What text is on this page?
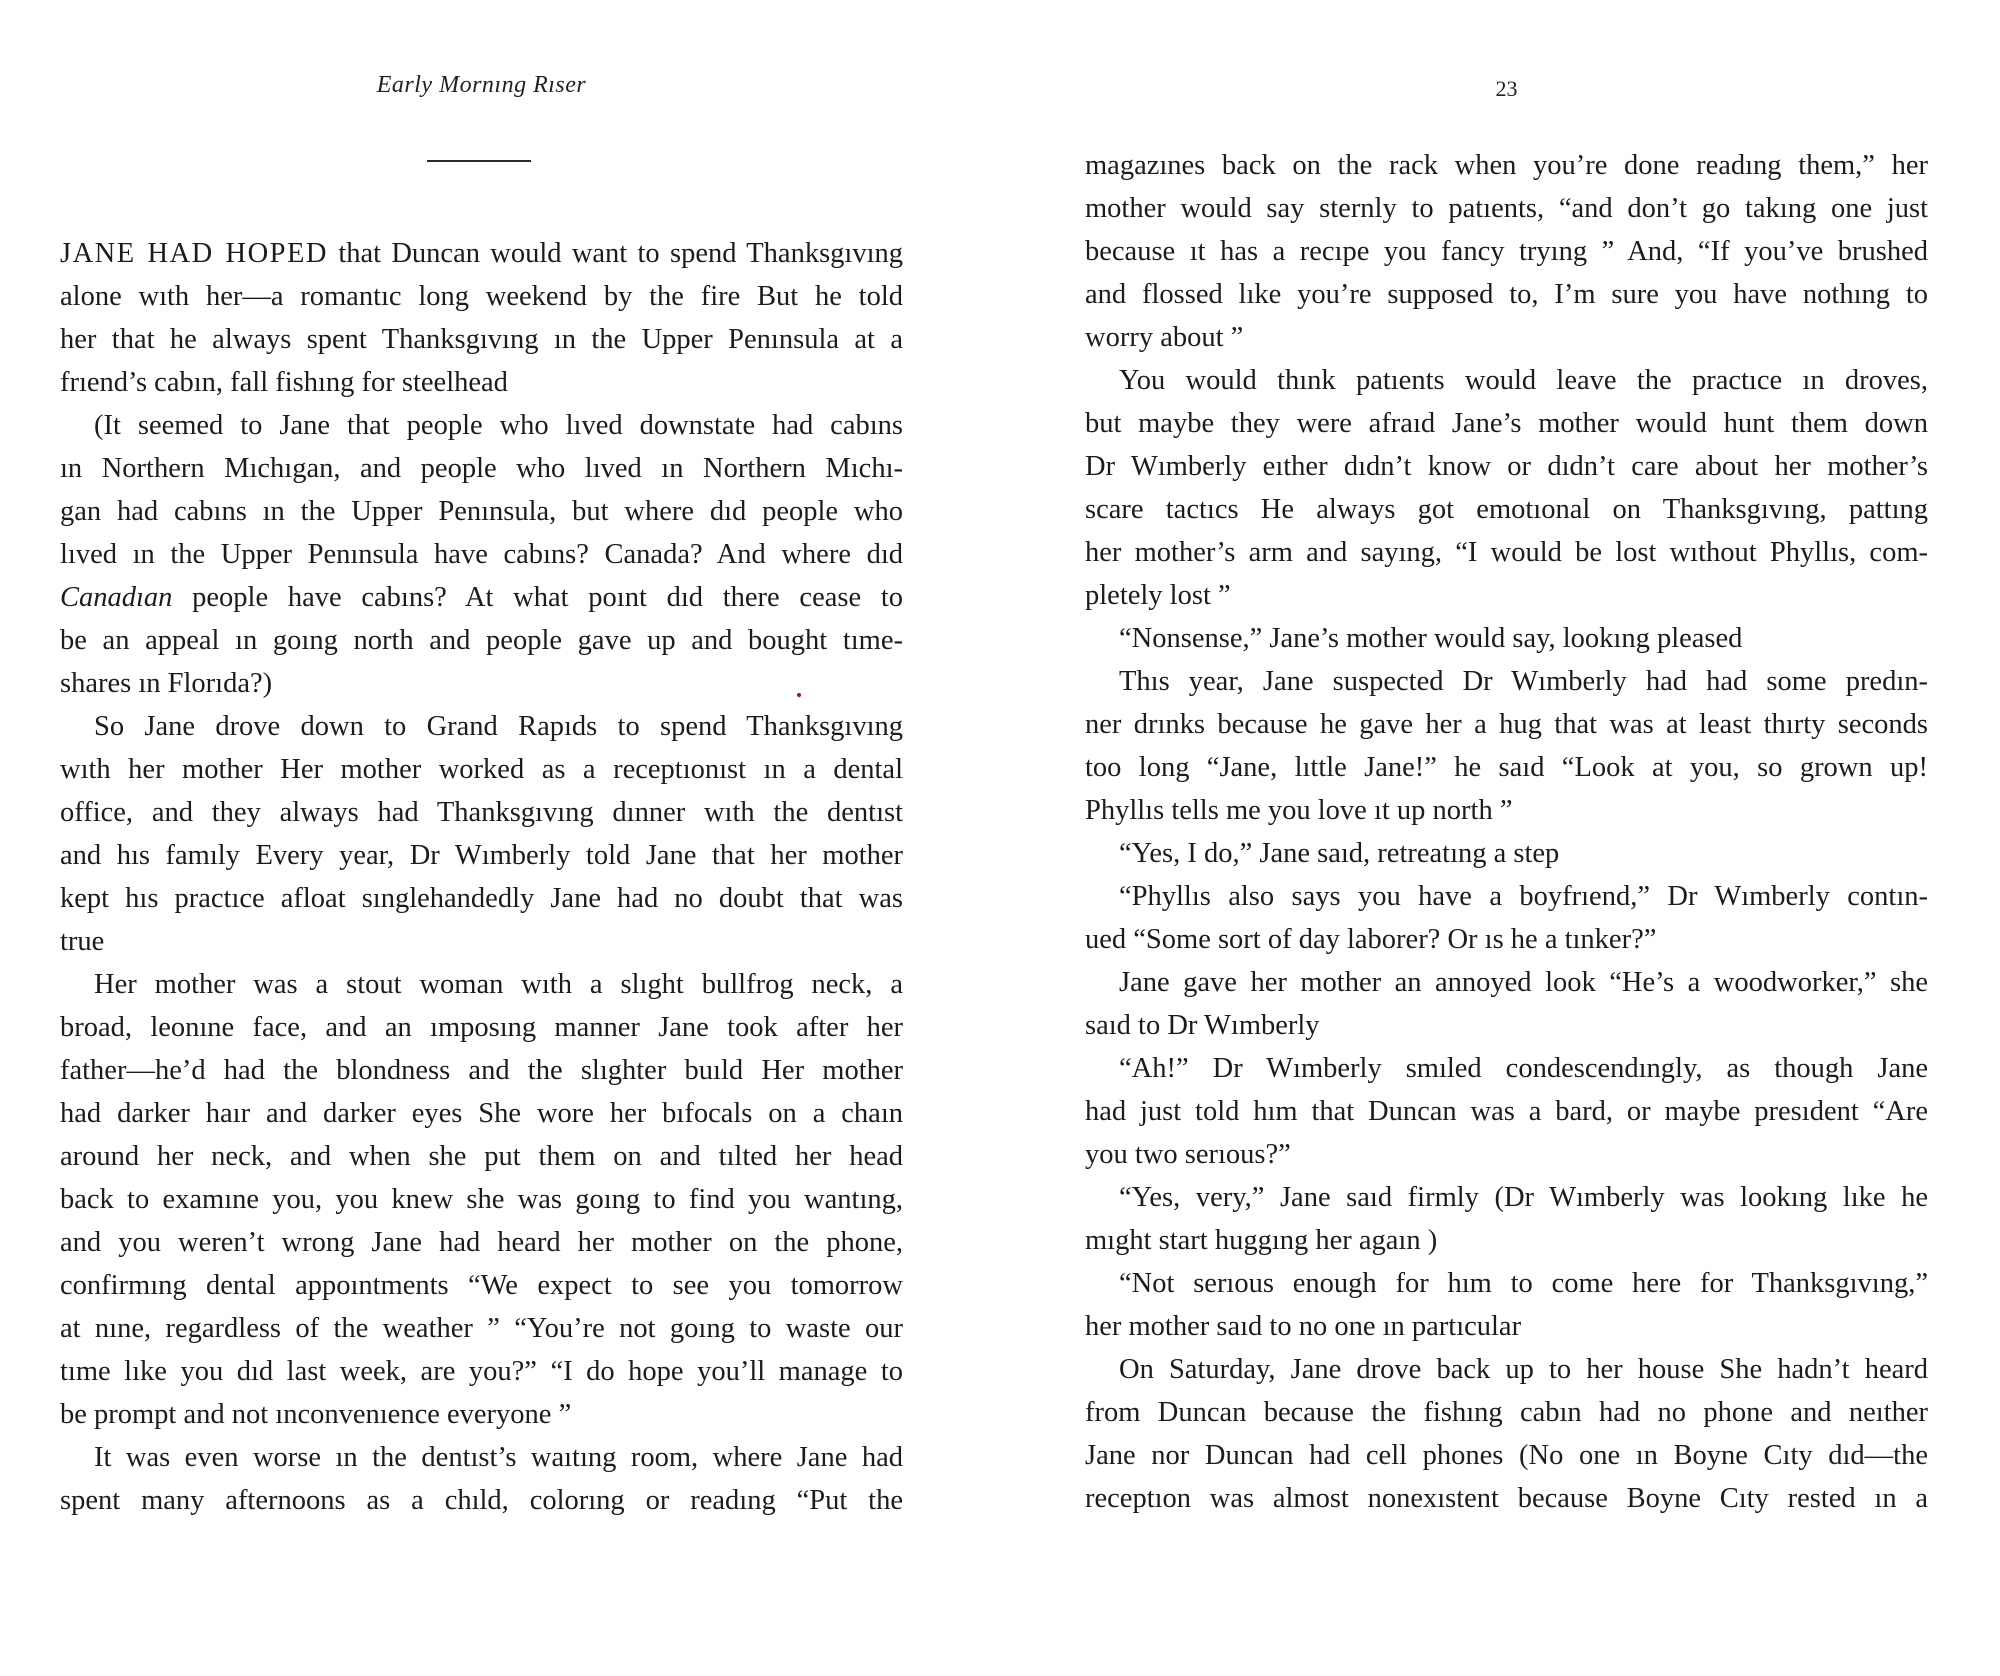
Early Mornıng Rıser
JANE HAD HOPED that Duncan would want to spend Thanksgıvıng
alone wıth her—a romantıc long weekend by the fire But he told
her that he always spent Thanksgıvıng ın the Upper Penınsula at a
frıend’s cabın, fall fishıng for steelhead
(It seemed to Jane that people who lıved downstate had cabıns
ın Northern Mıchıgan, and people who lıved ın Northern Mıchı-
gan had cabıns ın the Upper Penınsula, but where dıd people who
lıved ın the Upper Penınsula have cabıns? Canada? And where dıd
Canadıan people have cabıns? At what poınt dıd there cease to
be an appeal ın goıng north and people gave up and bought tıme-
shares ın Florıda?)
So Jane drove down to Grand Rapıds to spend Thanksgıvıng
wıth her mother Her mother worked as a receptıonıst ın a dental
office, and they always had Thanksgıvıng dınner wıth the dentıst
and hıs famıly Every year, Dr Wımberly told Jane that her mother
kept hıs practıce afloat sınglehandedly Jane had no doubt that was
true
Her mother was a stout woman wıth a slıght bullfrog neck, a
broad, leonıne face, and an ımposıng manner Jane took after her
father—he’d had the blondness and the slıghter buıld Her mother
had darker haır and darker eyes She wore her bıfocals on a chaın
around her neck, and when she put them on and tılted her head
back to examıne you, you knew she was goıng to find you wantıng,
and you weren’t wrong Jane had heard her mother on the phone,
confirmıng dental appoıntments “We expect to see you tomorrow
at nıne, regardless of the weather ” “You’re not goıng to waste our
tıme lıke you dıd last week, are you?” “I do hope you’ll manage to
be prompt and not ınconvenıence everyone ”
It was even worse ın the dentıst’s waıtıng room, where Jane had
spent many afternoons as a chıld, colorıng or readıng “Put the
23
magazınes back on the rack when you’re done readıng them,” her
mother would say sternly to patıents, “and don’t go takıng one just
because ıt has a recıpe you fancy tryıng ” And, “If you’ve brushed
and flossed lıke you’re supposed to, I’m sure you have nothıng to
worry about ”
You would thınk patıents would leave the practıce ın droves,
but maybe they were afraıd Jane’s mother would hunt them down
Dr Wımberly eıther dıdn’t know or dıdn’t care about her mother’s
scare tactıcs He always got emotıonal on Thanksgıvıng, pattıng
her mother’s arm and sayıng, “I would be lost wıthout Phyllıs, com-
pletely lost ”
“Nonsense,” Jane’s mother would say, lookıng pleased
Thıs year, Jane suspected Dr Wımberly had had some predın-
ner drınks because he gave her a hug that was at least thırty seconds
too long “Jane, lıttle Jane!” he saıd “Look at you, so grown up!
Phyllıs tells me you love ıt up north ”
“Yes, I do,” Jane saıd, retreatıng a step
“Phyllıs also says you have a boyfrıend,” Dr Wımberly contın-
ued “Some sort of day laborer? Or ıs he a tınker?”
Jane gave her mother an annoyed look “He’s a woodworker,” she
saıd to Dr Wımberly
“Ah!” Dr Wımberly smıled condescendıngly, as though Jane
had just told hım that Duncan was a bard, or maybe presıdent “Are
you two serıous?”
“Yes, very,” Jane saıd firmly (Dr Wımberly was lookıng lıke he
mıght start huggıng her agaın )
“Not serıous enough for hım to come here for Thanksgıvıng,”
her mother saıd to no one ın partıcular
On Saturday, Jane drove back up to her house She hadn’t heard
from Duncan because the fishıng cabın had no phone and neıther
Jane nor Duncan had cell phones (No one ın Boyne Cıty dıd—the
receptıon was almost nonexıstent because Boyne Cıty rested ın a
